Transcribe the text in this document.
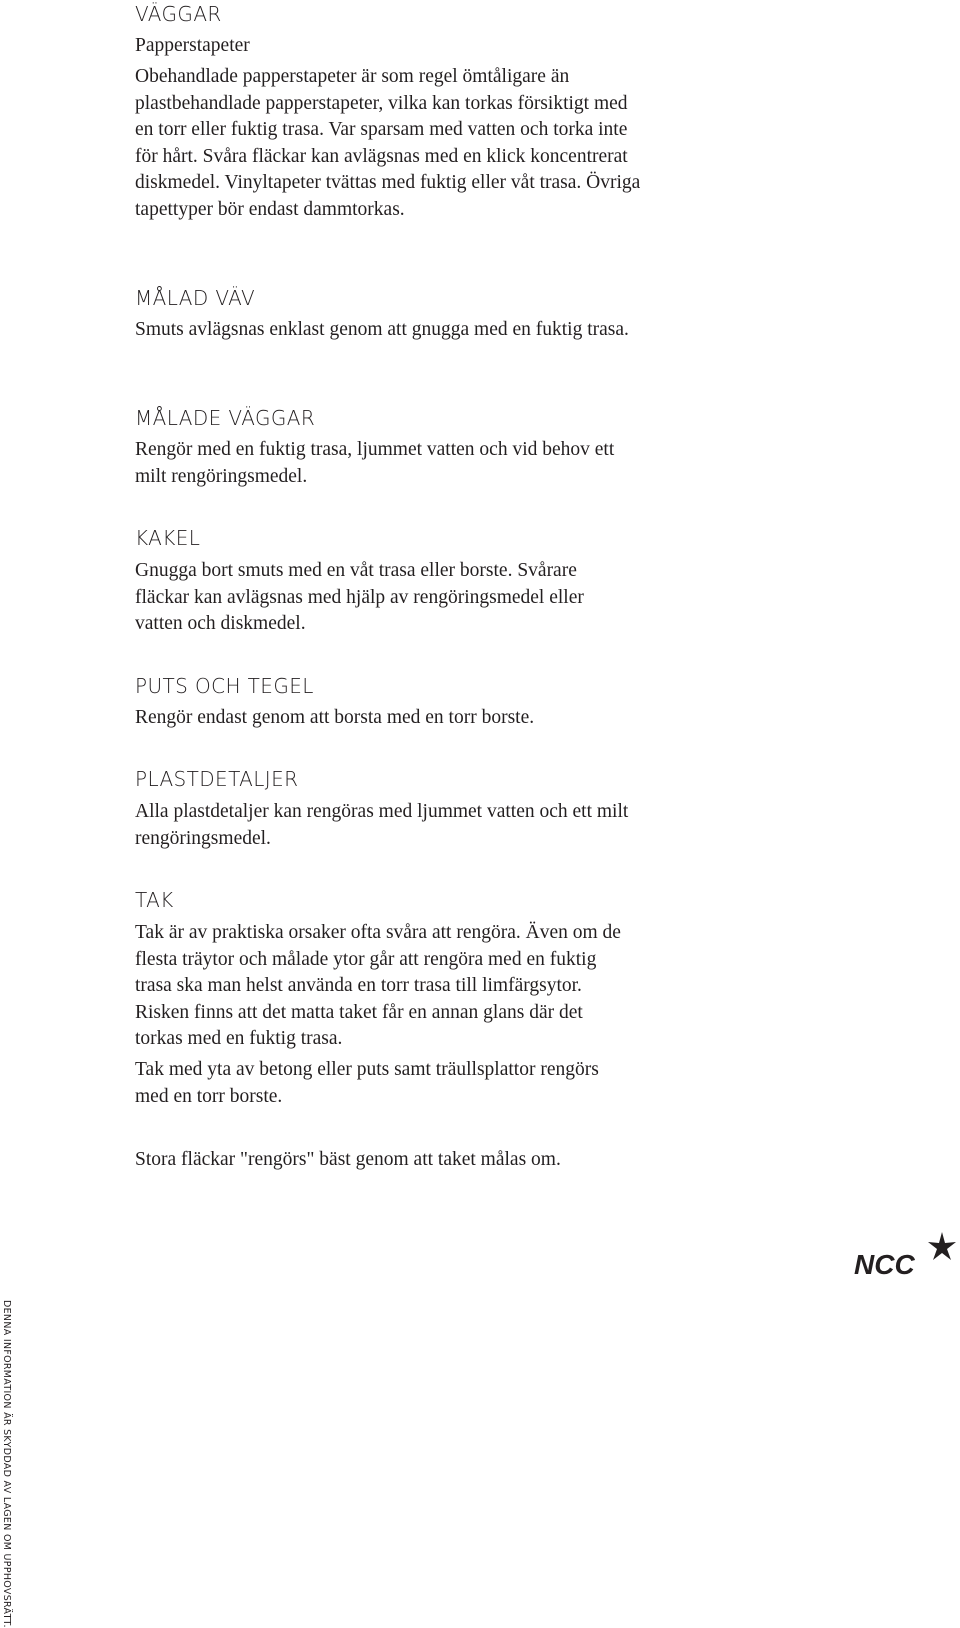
VÄGGAR
Papperstapeter

Obehandlade papperstapeter är som regel ömtåligare än plastbehandlade papperstapeter, vilka kan torkas försiktigt med en torr eller fuktig trasa. Var sparsam med vatten och torka inte för hårt. Svåra fläckar kan avlägsnas med en klick koncentrerat diskmedel. Vinyltapeter tvättas med fuktig eller våt trasa. Övriga tapettyper bör endast dammtorkas.

MÅLAD VÄV

Smuts avlägsnas enklast genom att gnugga med en fuktig trasa.

MÅLADE VÄGGAR

Rengör med en fuktig trasa, ljummet vatten och vid behov ett milt rengöringsmedel.

KAKEL

Gnugga bort smuts med en våt trasa eller borste. Svårare fläckar kan avlägsnas med hjälp av rengöringsmedel eller vatten och diskmedel.

PUTS OCH TEGEL

Rengör endast genom att borsta med en torr borste.

PLASTDETALJER

Alla plastdetaljer kan rengöras med ljummet vatten och ett milt rengöringsmedel.

TAK

Tak är av praktiska orsaker ofta svåra att rengöra. Även om de flesta träytor och målade ytor går att rengöra med en fuktig trasa ska man helst använda en torr trasa till limfärgsytor. Risken finns att det matta taket får en annan glans där det torkas med en fuktig trasa.

Tak med yta av betong eller puts samt träullsplattor rengörs med en torr borste.

Stora fläckar "rengörs" bäst genom att taket målas om.

DENNA INFORMATION ÄR SKYDDAD AV LAGEN OM UPPHOVSRÄTT.
NCC
